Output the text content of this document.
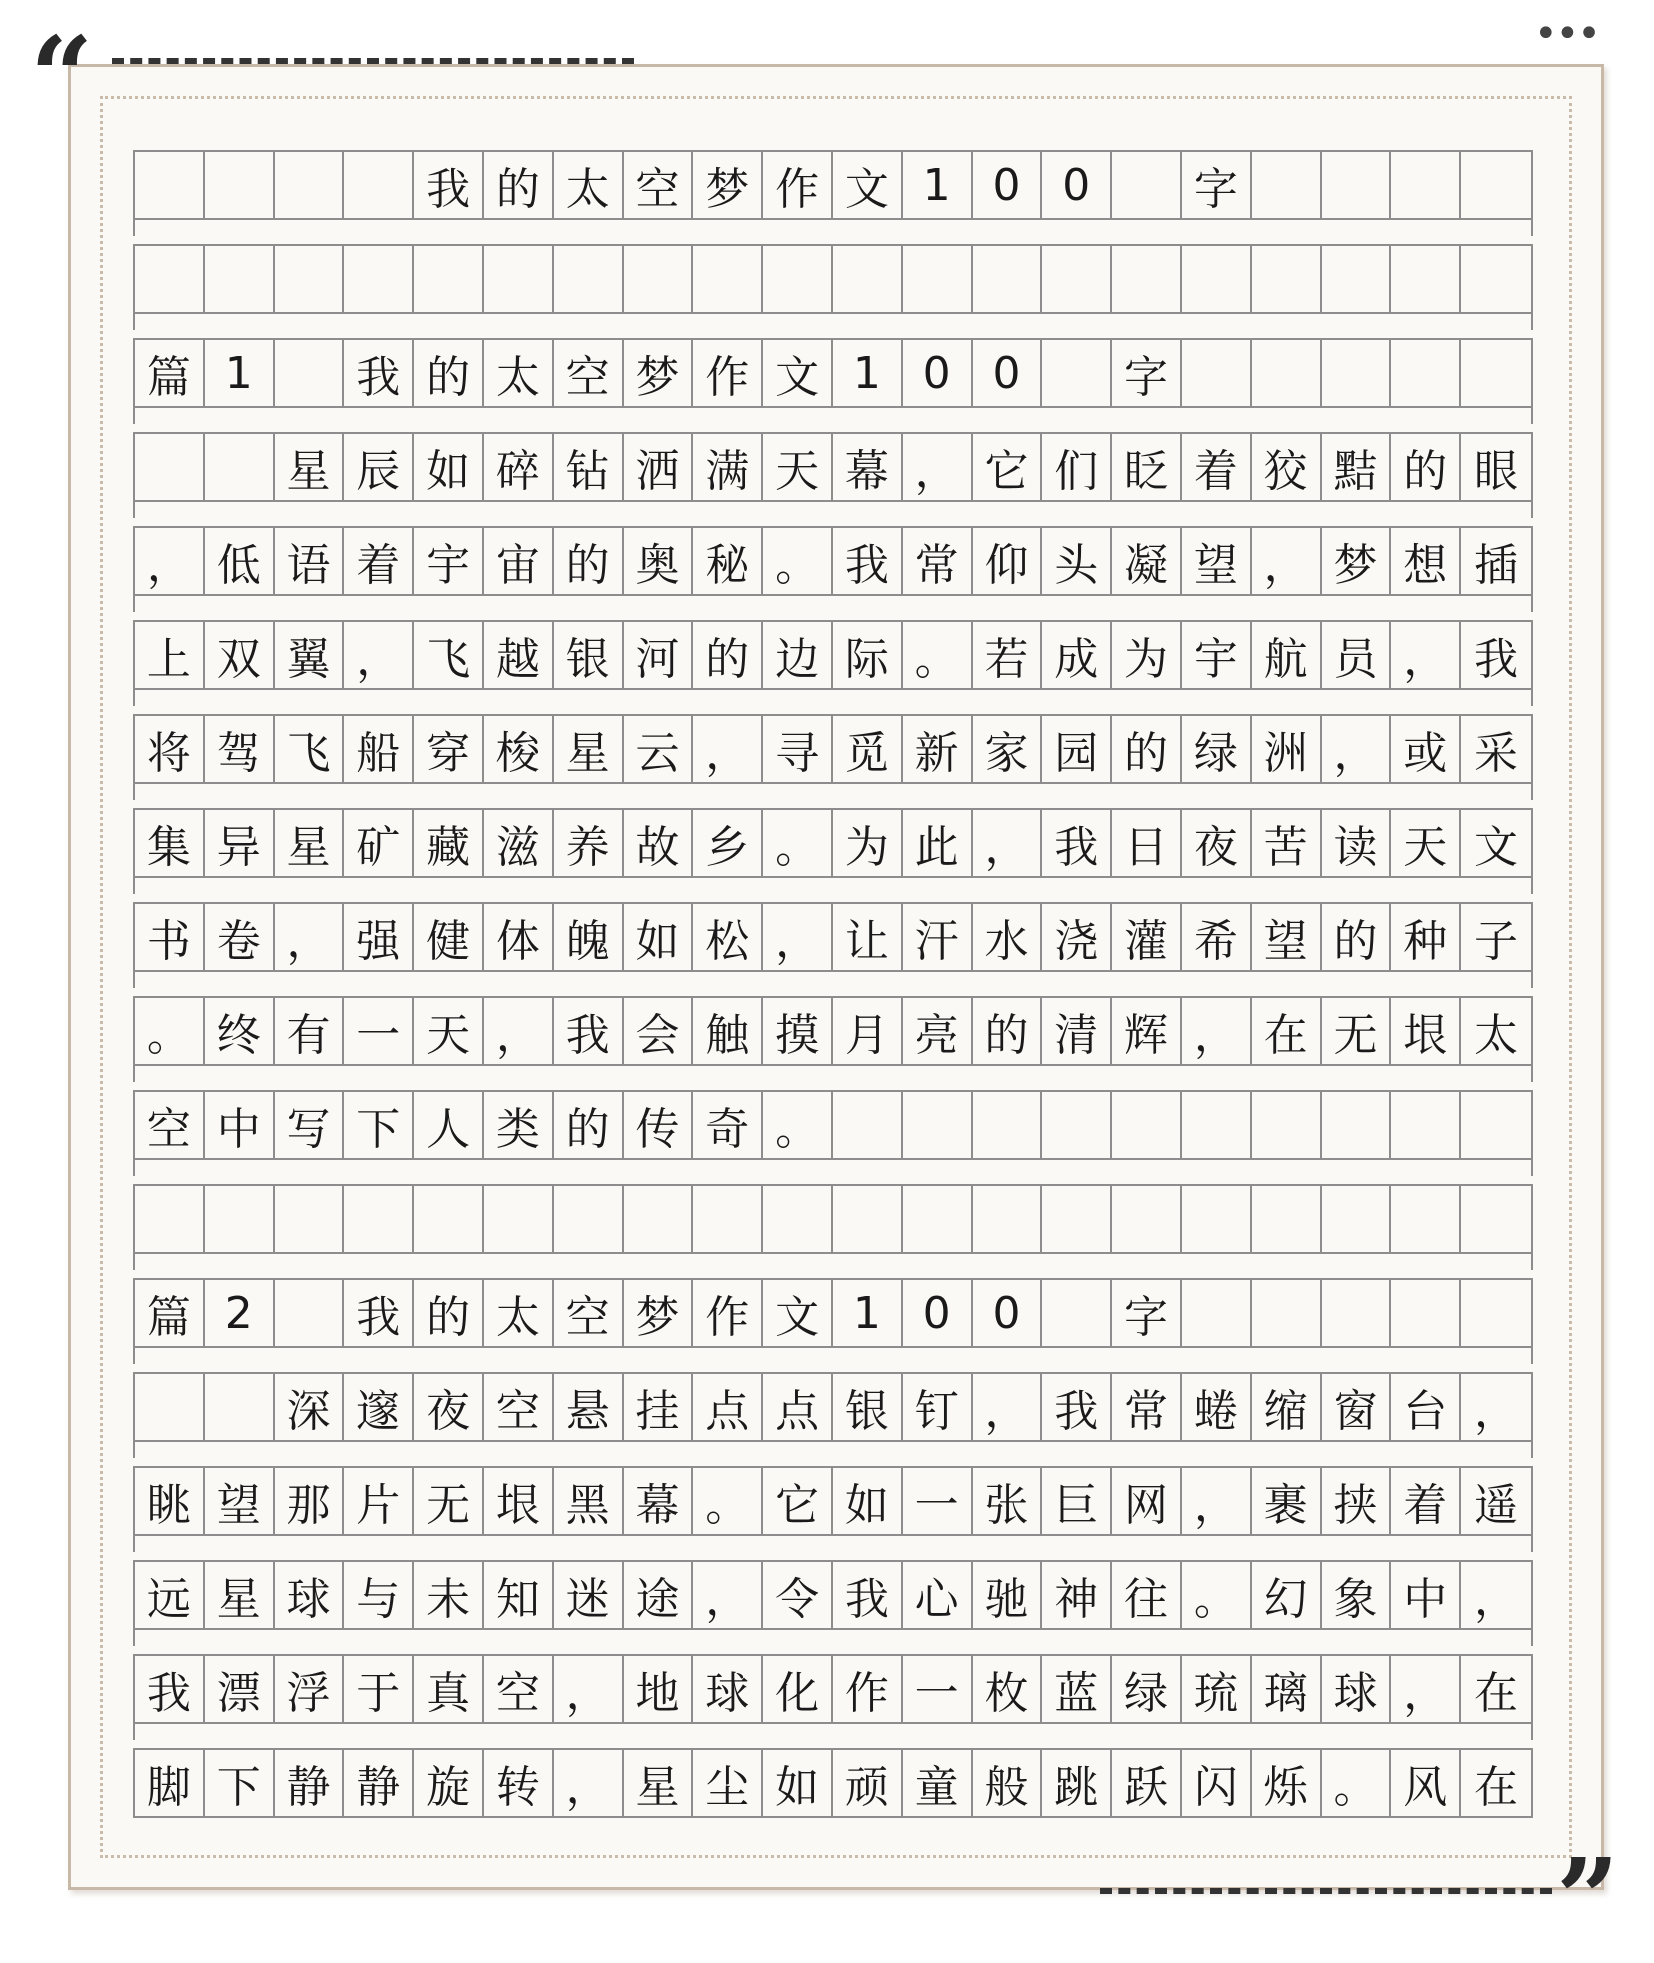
“
”
•••
我 的 太 空 梦 作 文 1 0 0	字
篇 1	我 的 太 空 梦 作 文 1 0 0	字
星 辰 如 碎 钻 洒 满 天 幕 ， 它 们 眨 着 狡 黠 的 眼
， 低 语 着 宇 宙 的 奥 秘 。 我 常 仰 头 凝 望 ， 梦 想 插
上 双 翼 ， 飞 越 银 河 的 边 际 。 若 成 为 宇 航 员 ， 我
将 驾 飞 船 穿 梭 星 云 ， 寻 觅 新 家 园 的 绿 洲 ， 或 采
集 异 星 矿 藏 滋 养 故 乡 。 为 此 ， 我 日 夜 苦 读 天 文
书 卷 ， 强 健 体 魄 如 松 ， 让 汗 水 浇 灌 希 望 的 种 子
。 终 有 一 天 ， 我 会 触 摸 月 亮 的 清 辉 ， 在 无 垠 太
空 中 写 下 人 类 的 传 奇 。
篇 2	我 的 太 空 梦 作 文 1 0 0	字
深 邃 夜 空 悬 挂 点 点 银 钉 ， 我 常 蜷 缩 窗 台 ，
眺 望 那 片 无 垠 黑 幕 。 它 如 一 张 巨 网 ， 裹 挟 着 遥
远 星 球 与 未 知 迷 途 ， 令 我 心 驰 神 往 。 幻 象 中 ，
我 漂 浮 于 真 空 ， 地 球 化 作 一 枚 蓝 绿 琉 璃 球 ， 在
脚 下 静 静 旋 转 ， 星 尘 如 顽 童 般 跳 跃 闪 烁 。 风 在
